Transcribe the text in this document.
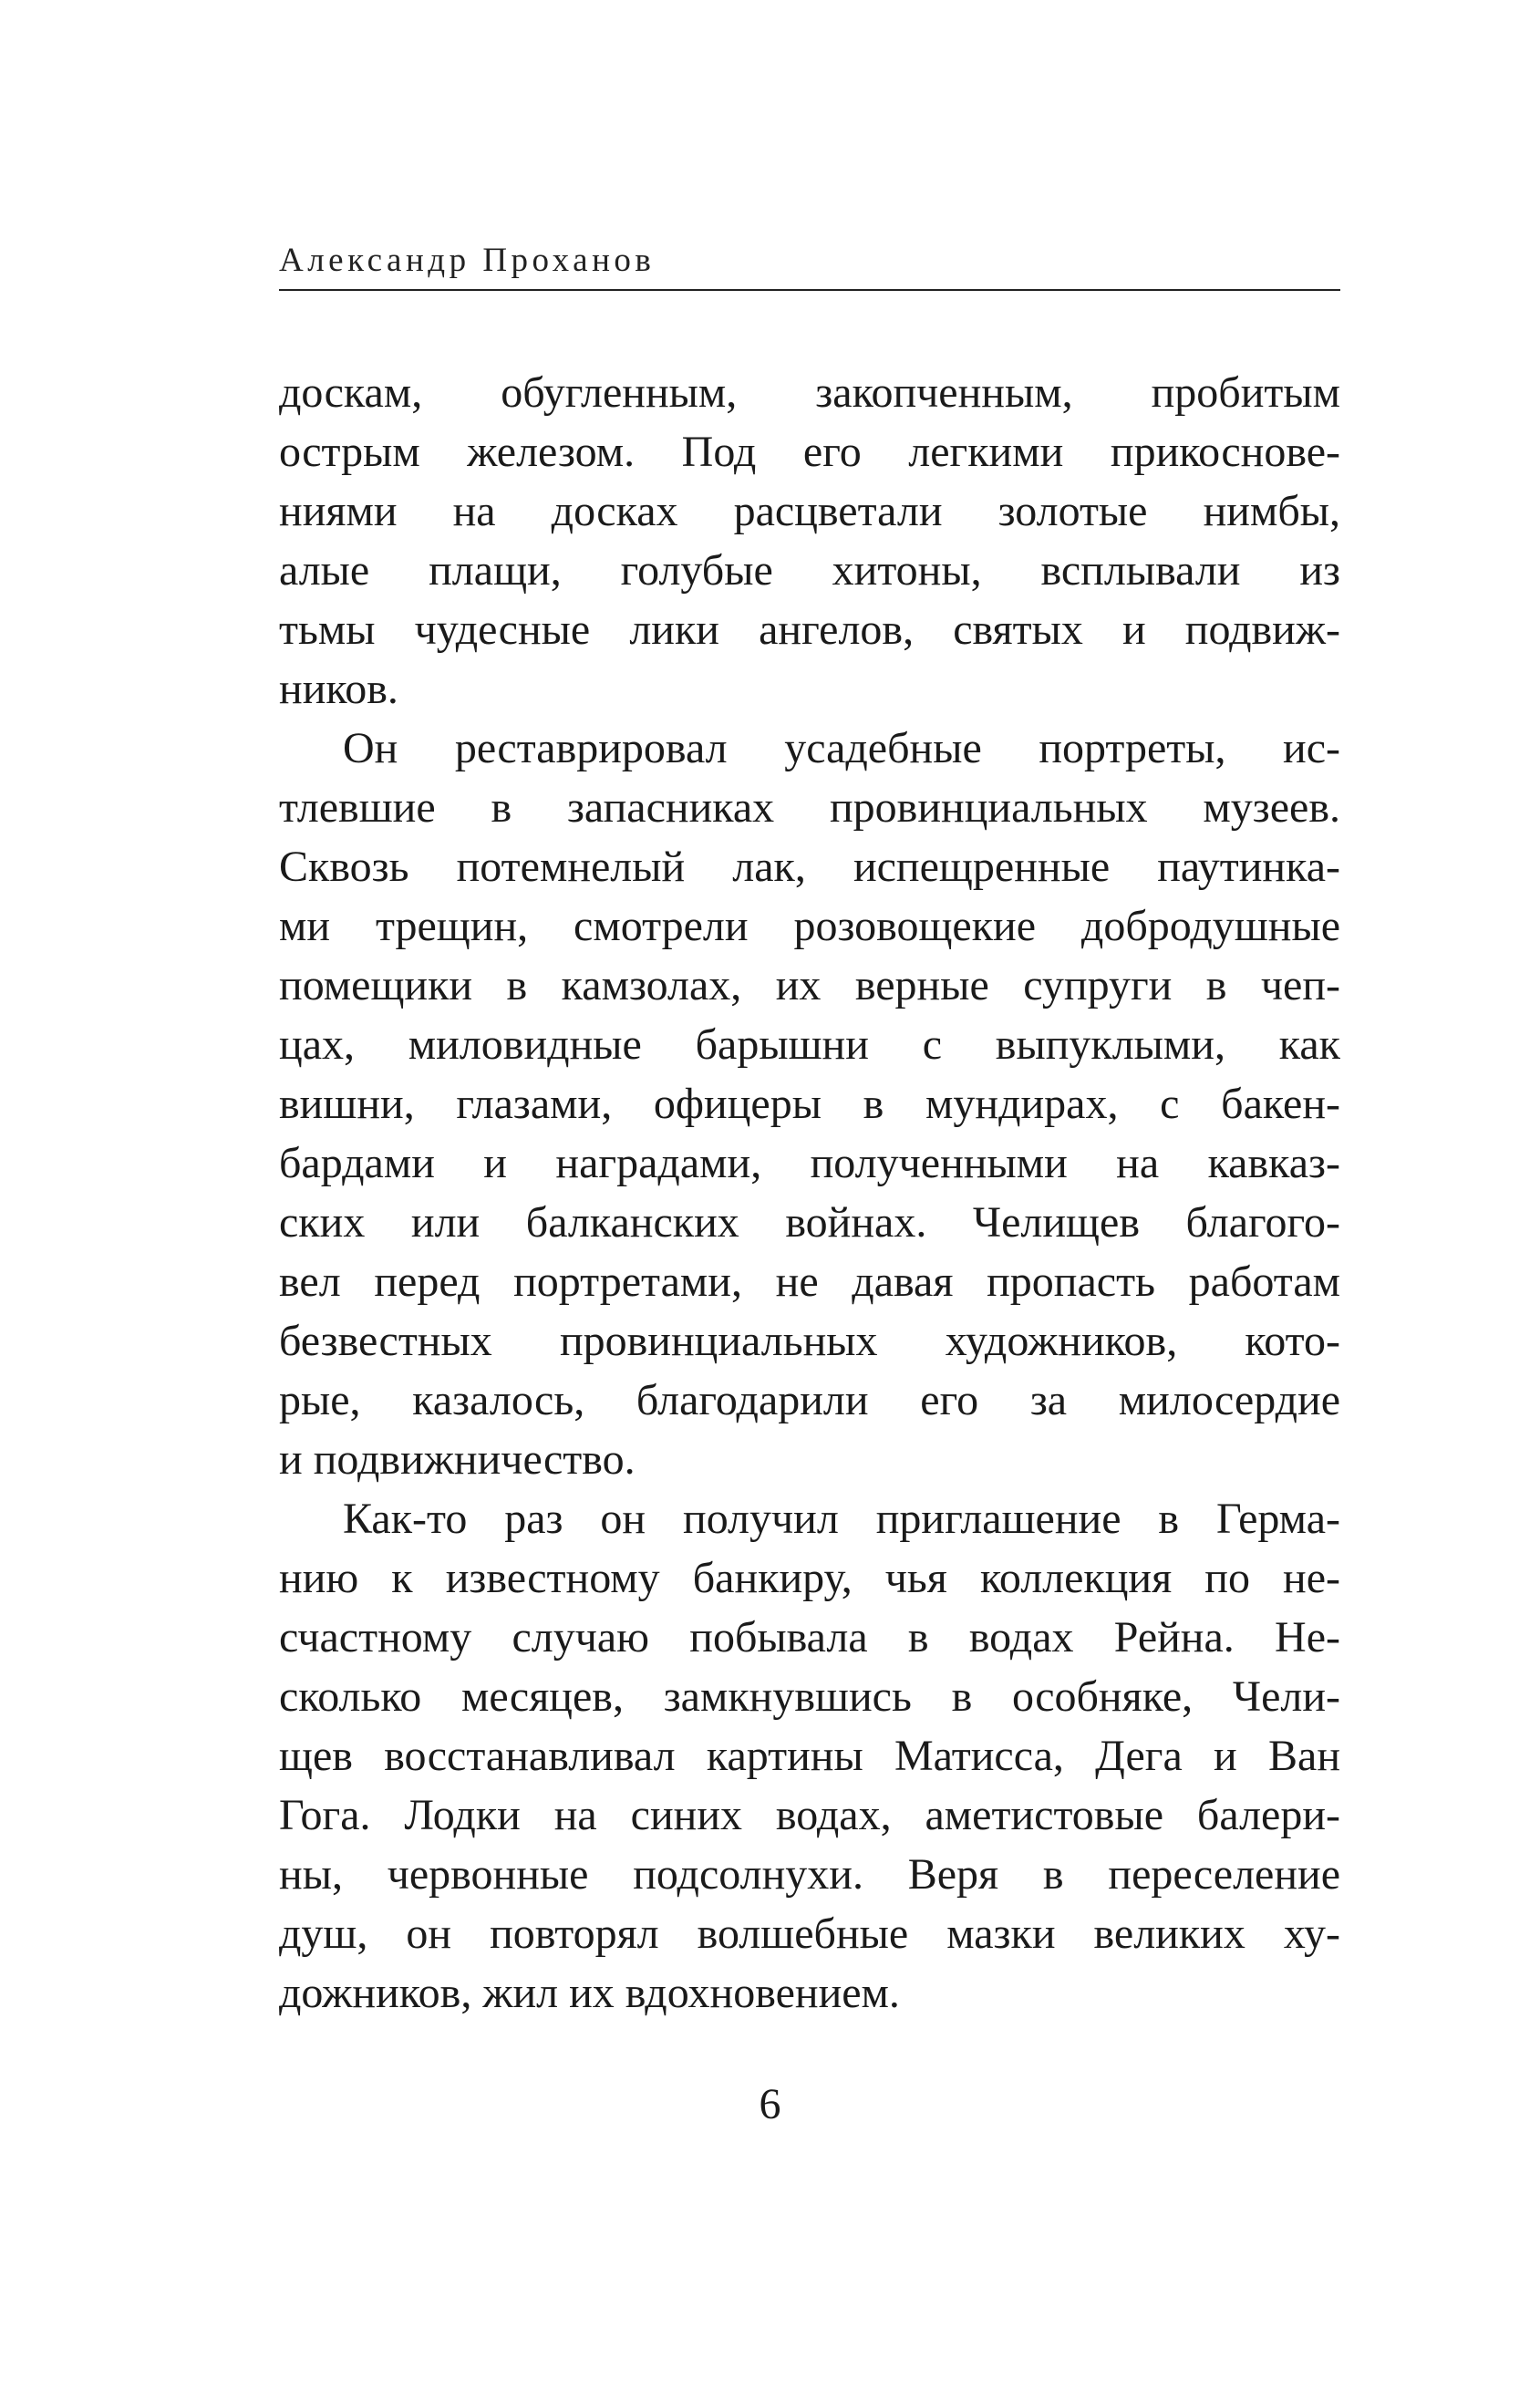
Александр Проханов
доскам, обугленным, закопченным, пробитым
острым железом. Под его легкими прикоснове-
ниями на досках расцветали золотые нимбы,
алые плащи, голубые хитоны, всплывали из
тьмы чудесные лики ангелов, святых и подвиж-
ников.
Он реставрировал усадебные портреты, ис-
тлевшие в запасниках провинциальных музеев.
Сквозь потемнелый лак, испещренные паутинка-
ми трещин, смотрели розовощекие добродушные
помещики в камзолах, их верные супруги в чеп-
цах, миловидные барышни с выпуклыми, как
вишни, глазами, офицеры в мундирах, с бакен-
бардами и наградами, полученными на кавказ-
ских или балканских войнах. Челищев благого-
вел перед портретами, не давая пропасть работам
безвестных провинциальных художников, кото-
рые, казалось, благодарили его за милосердие
и подвижничество.
Как-то раз он получил приглашение в Герма-
нию к известному банкиру, чья коллекция по не-
счастному случаю побывала в водах Рейна. Не-
сколько месяцев, замкнувшись в особняке, Чели-
щев восстанавливал картины Матисса, Дега и Ван
Гога. Лодки на синих водах, аметистовые балери-
ны, червонные подсолнухи. Веря в переселение
душ, он повторял волшебные мазки великих ху-
дожников, жил их вдохновением.
6
